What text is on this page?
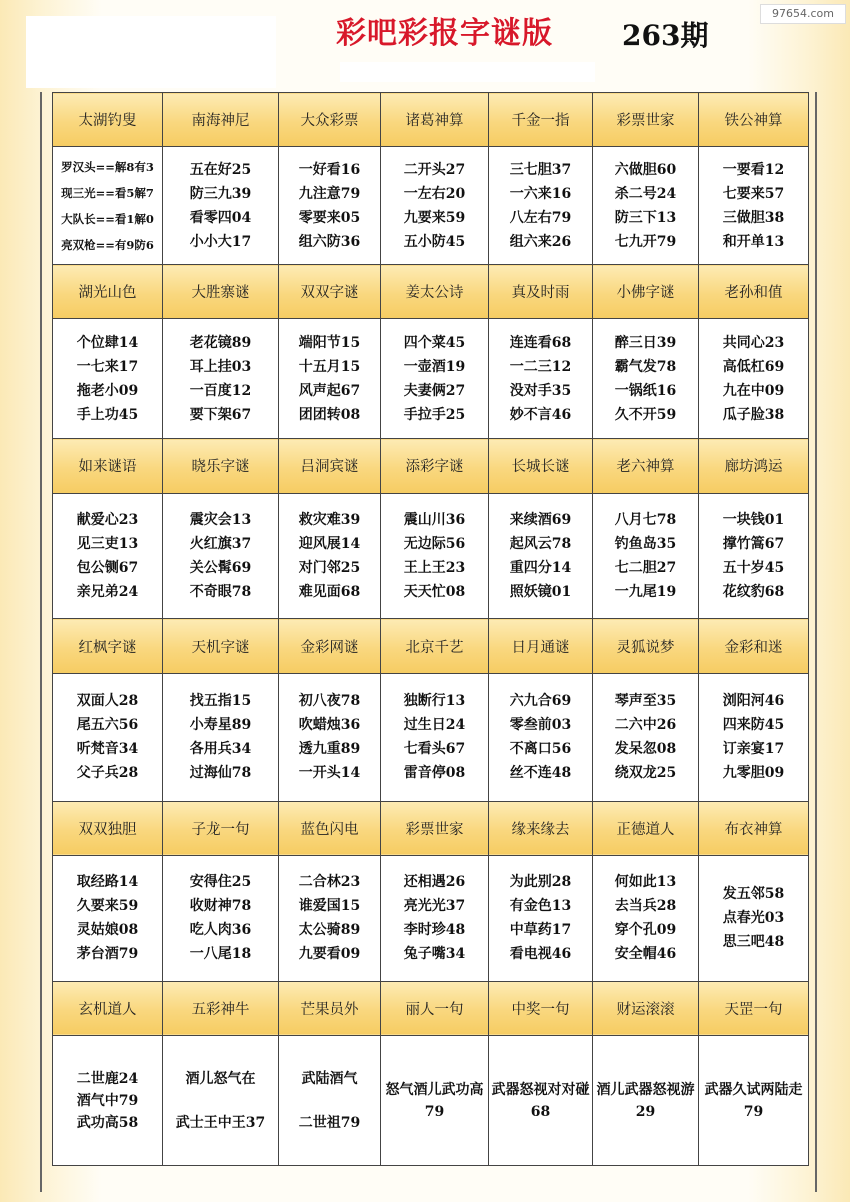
彩吧彩报字谜版	263期
97654.com
太湖钓叟	南海神尼	大众彩票	诸葛神算	千金一指	彩票世家	铁公神算

罗汉头==解8有3
现三光==看5解7
大队长==看1解0
亮双枪==有9防6	五在好25
防三九39
看零四04
小小大17	一好看16
九注意79
零要来05
组六防36	二开头27
一左右20
九要来59
五小防45	三七胆37
一六来16
八左右79
组六来26	六做胆60
杀二号24
防三下13
七九开79	一要看12
七要来57
三做胆38
和开单13

湖光山色	大胜寨谜	双双字谜	姜太公诗	真及时雨	小佛字谜	老孙和值

个位肆14
一七来17
拖老小09
手上功45	老花镜89
耳上挂03
一百度12
要下架67	端阳节15
十五月15
风声起67
团团转08	四个菜45
一壶酒19
夫妻俩27
手拉手25	连连看68
一二三12
没对手35
妙不言46	醉三日39
霸气发78
一锅纸16
久不开59	共同心23
高低杠69
九在中09
瓜子脸38

如来谜语	晓乐字谜	吕洞宾谜	添彩字谜	长城长谜	老六神算	廊坊鸿运

献爱心23
见三吏13
包公铡67
亲兄弟24	震灾会13
火红旗37
关公髯69
不奇眼78	救灾难39
迎风展14
对门邻25
难见面68	震山川36
无边际56
王上王23
天天忙08	来续酒69
起风云78
重四分14
照妖镜01	八月七78
钓鱼岛35
七二胆27
一九尾19	一块钱01
撑竹篙67
五十岁45
花纹豹68

红枫字谜	天机字谜	金彩网谜	北京千艺	日月通谜	灵狐说梦	金彩和迷

双面人28
尾五六56
听梵音34
父子兵28	找五指15
小寿星89
各用兵34
过海仙78	初八夜78
吹蜡烛36
透九重89
一开头14	独断行13
过生日24
七看头67
雷音停08	六九合69
零叁前03
不离口56
丝不连48	琴声至35
二六中26
发呆忽08
绕双龙25	浏阳河46
四来防45
订亲宴17
九零胆09

双双独胆	子龙一句	蓝色闪电	彩票世家	缘来缘去	正德道人	布衣神算

取经路14
久要来59
灵姑娘08
茅台酒79	安得住25
收财神78
吃人肉36
一八尾18	二合林23
谁爱国15
太公骑89
九要看09	还相遇26
亮光光37
李时珍48
兔子嘴34	为此别28
有金色13
中草药17
看电视46	何如此13
去当兵28
穿个孔09
安全帽46	发五邻58
点春光03
思三吧48

玄机道人	五彩神牛	芒果员外	丽人一句	中奖一句	财运滚滚	天罡一句

二世鹿24
酒气中79
武功高58	酒儿怒气在

武士王中王37	武陆酒气

二世祖79	怒气酒儿武功高79	武器怒视对对碰68	酒儿武器怒视游29	武器久试两陆走79
